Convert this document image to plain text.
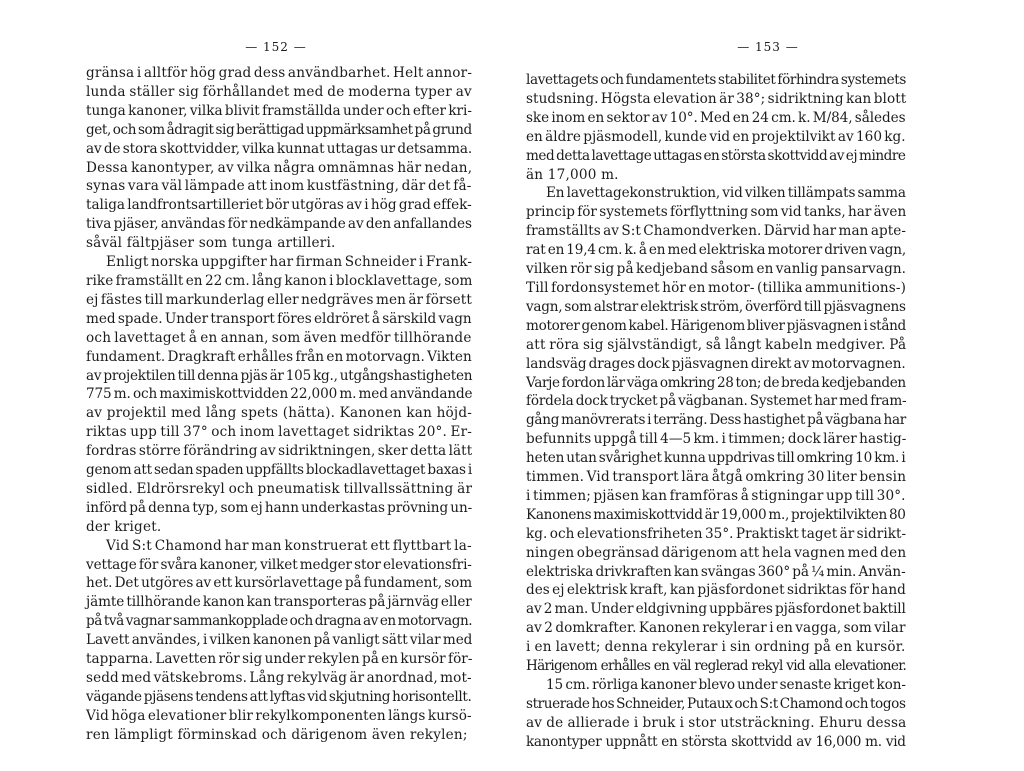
— 152 —
gränsa i alltför hög grad dess användbarhet. Helt annor-
lunda ställer sig förhållandet med de moderna typer av
tunga kanoner, vilka blivit framställda under och efter kri-
get, och som ådragit sig berättigad uppmärksamhet på grund
av de stora skottvidder, vilka kunnat uttagas ur detsamma.
Dessa kanontyper, av vilka några omnämnas här nedan,
synas vara väl lämpade att inom kustfästning, där det få-
taliga landfrontsartilleriet bör utgöras av i hög grad effek-
tiva pjäser, användas för nedkämpande av den anfallandes
såväl fältpjäser som tunga artilleri.
Enligt norska uppgifter har firman Schneider i Frank-
rike framställt en 22 cm. lång kanon i blocklavettage, som
ej fästes till markunderlag eller nedgräves men är försett
med spade. Under transport föres eldröret å särskild vagn
och lavettaget å en annan, som även medför tillhörande
fundament. Dragkraft erhålles från en motorvagn. Vikten
av projektilen till denna pjäs är 105 kg., utgångshastigheten
775 m. och maximiskottvidden 22,000 m. med användande
av projektil med lång spets (hätta). Kanonen kan höjd-
riktas upp till 37° och inom lavettaget sidriktas 20°. Er-
fordras större förändring av sidriktningen, sker detta lätt
genom att sedan spaden uppfällts blockadlavettaget baxas i
sidled. Eldrörsrekyl och pneumatisk tillvallssättning är
införd på denna typ, som ej hann underkastas prövning un-
der kriget.
Vid S:t Chamond har man konstruerat ett flyttbart la-
vettage för svåra kanoner, vilket medger stor elevationsfri-
het. Det utgöres av ett kursörlavettage på fundament, som
jämte tillhörande kanon kan transporteras på järnväg eller
på två vagnar sammankopplade och dragna av en motorvagn.
Lavett användes, i vilken kanonen på vanligt sätt vilar med
tapparna. Lavetten rör sig under rekylen på en kursör för-
sedd med vätskebroms. Lång rekylväg är anordnad, mot-
vägande pjäsens tendens att lyftas vid skjutning horisontellt.
Vid höga elevationer blir rekylkomponenten längs kursö-
ren lämpligt förminskad och därigenom även rekylen;
— 153 —
lavettagets och fundamentets stabilitet förhindra systemets
studsning. Högsta elevation är 38°; sidriktning kan blott
ske inom en sektor av 10°. Med en 24 cm. k. M/84, således
en äldre pjäsmodell, kunde vid en projektilvikt av 160 kg.
med detta lavettage uttagas en största skottvidd av ej mindre
än 17,000 m.
En lavettagekonstruktion, vid vilken tillämpats samma
princip för systemets förflyttning som vid tanks, har även
framställts av S:t Chamondverken. Därvid har man apte-
rat en 19,4 cm. k. å en med elektriska motorer driven vagn,
vilken rör sig på kedjeband såsom en vanlig pansarvagn.
Till fordonsystemet hör en motor- (tillika ammunitions-)
vagn, som alstrar elektrisk ström, överförd till pjäsvagnens
motorer genom kabel. Härigenom bliver pjäsvagnen i stånd
att röra sig självständigt, så långt kabeln medgiver. På
landsväg drages dock pjäsvagnen direkt av motorvagnen.
Varje fordon lär väga omkring 28 ton; de breda kedjebanden
fördela dock trycket på vägbanan. Systemet har med fram-
gång manövrerats i terräng. Dess hastighet på vägbana har
befunnits uppgå till 4—5 km. i timmen; dock lärer hastig-
heten utan svårighet kunna uppdrivas till omkring 10 km. i
timmen. Vid transport lära åtgå omkring 30 liter bensin
i timmen; pjäsen kan framföras å stigningar upp till 30°.
Kanonens maximiskottvidd är 19,000 m., projektilvikten 80
kg. och elevationsfriheten 35°. Praktiskt taget är sidrikt-
ningen obegränsad därigenom att hela vagnen med den
elektriska drivkraften kan svängas 360° på ¼ min. Använ-
des ej elektrisk kraft, kan pjäsfordonet sidriktas för hand
av 2 man. Under eldgivning uppbäres pjäsfordonet baktill
av 2 domkrafter. Kanonen rekylerar i en vagga, som vilar
i en lavett; denna rekylerar i sin ordning på en kursör.
Härigenom erhålles en väl reglerad rekyl vid alla elevationer.
15 cm. rörliga kanoner blevo under senaste kriget kon-
struerade hos Schneider, Putaux och S:t Chamond och togos
av de allierade i bruk i stor utsträckning. Ehuru dessa
kanontyper uppnått en största skottvidd av 16,000 m. vid
